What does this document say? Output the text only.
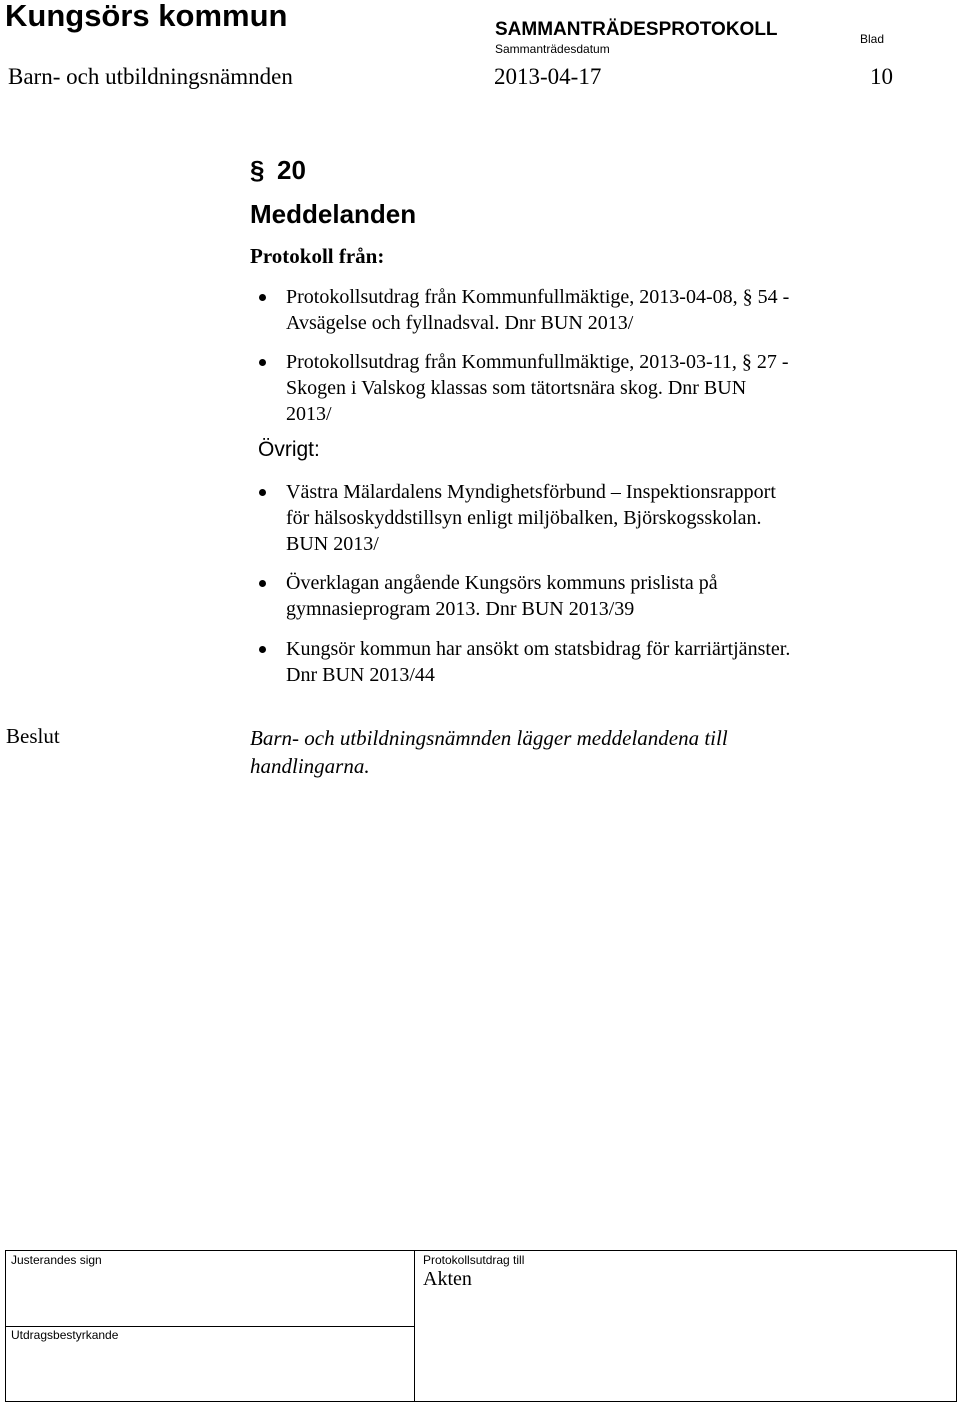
Kungsörs kommun	SAMMANTRÄDESPROTOKOLL
Sammanträdesdatum
Blad
Barn- och utbildningsnämnden	2013-04-17	10
§ 20
Meddelanden
Protokoll från:
Protokollsutdrag från Kommunfullmäktige, 2013-04-08, § 54 -
Avsägelse och fyllnadsval. Dnr BUN 2013/
Protokollsutdrag från Kommunfullmäktige, 2013-03-11, § 27 -
Skogen i Valskog klassas som tätortsnära skog. Dnr BUN
2013/
Övrigt:
Västra Mälardalens Myndighetsförbund – Inspektionsrapport
för hälsoskyddstillsyn enligt miljöbalken, Björskogsskolan.
BUN 2013/
Överklagan angående Kungsörs kommuns prislista på
gymnasieprogram 2013. Dnr BUN 2013/39
Kungsör kommun har ansökt om statsbidrag för karriärtjänster.
Dnr BUN 2013/44
Beslut	Barn- och utbildningsnämnden lägger meddelandena till
handlingarna.
Justerandes sign	Protokollsutdrag till
Akten
Utdragsbestyrkande
